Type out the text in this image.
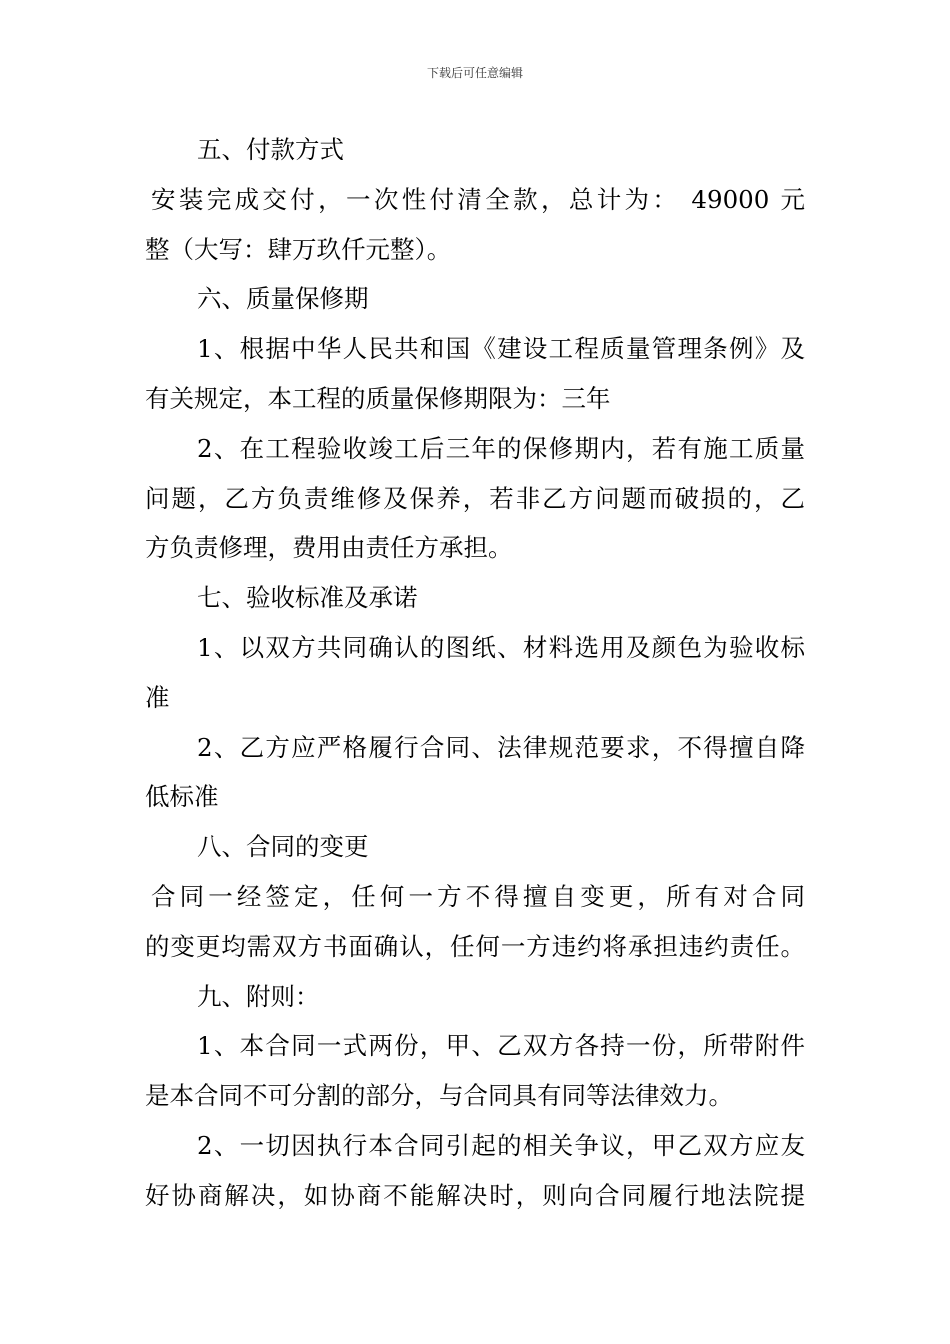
下载后可任意编辑
五、付款方式
安装完成交付，一次性付清全款，总计为： 49000 元
整（大写：肆万玖仟元整）。
六、质量保修期
1、根据中华人民共和国《建设工程质量管理条例》及
有关规定，本工程的质量保修期限为：三年
2、在工程验收竣工后三年的保修期内，若有施工质量
问题，乙方负责维修及保养，若非乙方问题而破损的，乙
方负责修理，费用由责任方承担。
七、验收标准及承诺
1、以双方共同确认的图纸、材料选用及颜色为验收标
准
2、乙方应严格履行合同、法律规范要求，不得擅自降
低标准
八、合同的变更
合同一经签定，任何一方不得擅自变更，所有对合同
的变更均需双方书面确认，任何一方违约将承担违约责任。
九、附则：
1、本合同一式两份，甲、乙双方各持一份，所带附件
是本合同不可分割的部分，与合同具有同等法律效力。
2、一切因执行本合同引起的相关争议，甲乙双方应友
好协商解决，如协商不能解决时，则向合同履行地法院提
